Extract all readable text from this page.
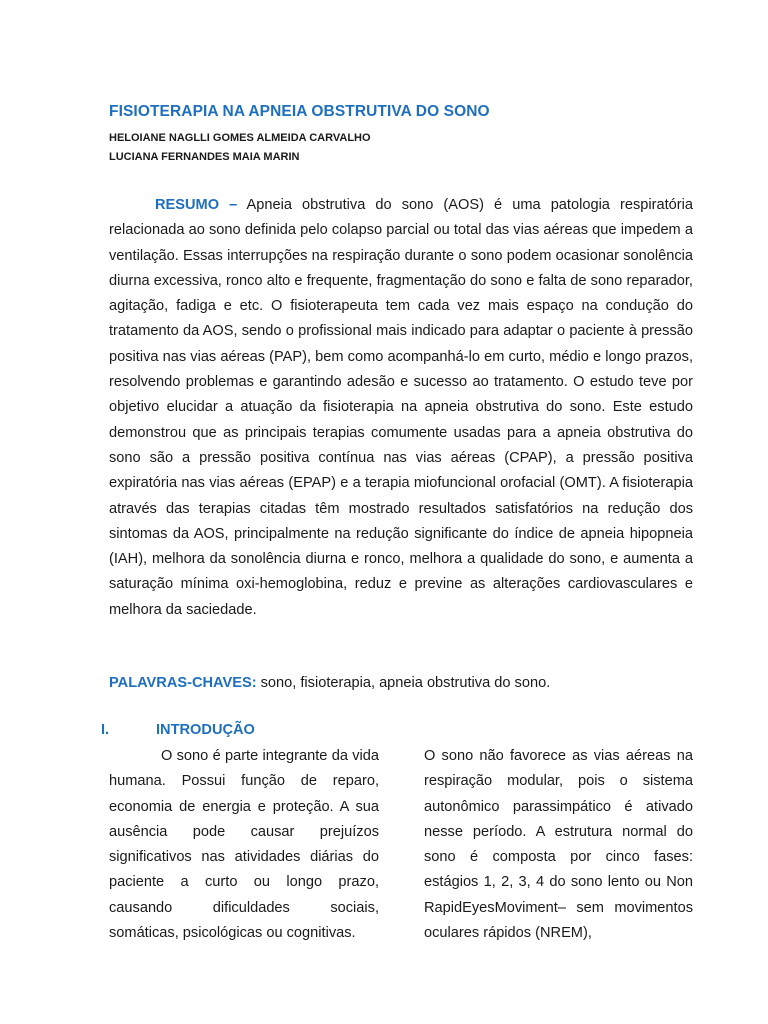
FISIOTERAPIA NA APNEIA OBSTRUTIVA DO SONO

HELOIANE NAGLLI GOMES ALMEIDA CARVALHO

LUCIANA FERNANDES MAIA MARIN

RESUMO – Apneia obstrutiva do sono (AOS) é uma patologia respiratória relacionada ao sono definida pelo colapso parcial ou total das vias aéreas que impedem a ventilação. Essas interrupções na respiração durante o sono podem ocasionar sonolência diurna excessiva, ronco alto e frequente, fragmentação do sono e falta de sono reparador, agitação, fadiga e etc. O fisioterapeuta tem cada vez mais espaço na condução do tratamento da AOS, sendo o profissional mais indicado para adaptar o paciente à pressão positiva nas vias aéreas (PAP), bem como acompanhá-lo em curto, médio e longo prazos, resolvendo problemas e garantindo adesão e sucesso ao tratamento. O estudo teve por objetivo elucidar a atuação da fisioterapia na apneia obstrutiva do sono. Este estudo demonstrou que as principais terapias comumente usadas para a apneia obstrutiva do sono são a pressão positiva contínua nas vias aéreas (CPAP), a pressão positiva expiratória nas vias aéreas (EPAP) e a terapia miofuncional orofacial (OMT). A fisioterapia através das terapias citadas têm mostrado resultados satisfatórios na redução dos sintomas da AOS, principalmente na redução significante do índice de apneia hipopneia (IAH), melhora da sonolência diurna e ronco, melhora a qualidade do sono, e aumenta a saturação mínima oxi-hemoglobina, reduz e previne as alterações cardiovasculares e melhora da saciedade.

PALAVRAS-CHAVES: sono, fisioterapia, apneia obstrutiva do sono.

I.	INTRODUÇÃO

O sono é parte integrante da vida humana. Possui função de reparo, economia de energia e proteção. A sua ausência pode causar prejuízos significativos nas atividades diárias do paciente a curto ou longo prazo, causando dificuldades sociais, somáticas, psicológicas ou cognitivas.

O sono não favorece as vias aéreas na respiração modular, pois o sistema autonômico parassimpático é ativado nesse período. A estrutura normal do sono é composta por cinco fases: estágios 1, 2, 3, 4 do sono lento ou Non RapidEyesMoviment– sem movimentos oculares rápidos (NREM),
